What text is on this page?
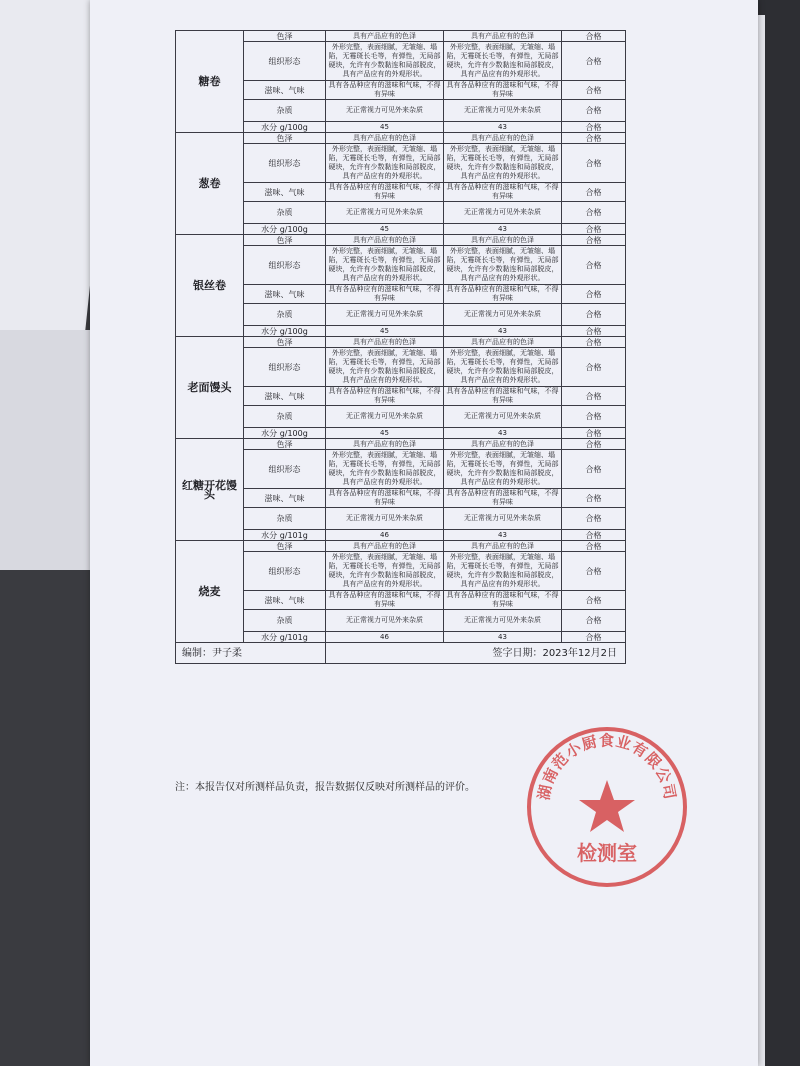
糖卷	色泽	具有产品应有的色泽	具有产品应有的色泽	合格
	组织形态	外形完整，表面细腻，无皱缩、塌陷，无霉斑长毛等，有弹性，无局部硬块，允许有少数黏连和局部脱皮，具有产品应有的外观形状。	外形完整，表面细腻，无皱缩、塌陷，无霉斑长毛等，有弹性，无局部硬块，允许有少数黏连和局部脱皮，具有产品应有的外观形状。	合格
	滋味、气味	具有各品种应有的滋味和气味，不得有异味	具有各品种应有的滋味和气味，不得有异味	合格
	杂质	无正常视力可见外来杂质	无正常视力可见外来杂质	合格
	水分 g/100g	45	43	合格
葱卷	色泽	具有产品应有的色泽	具有产品应有的色泽	合格
	组织形态	外形完整，表面细腻，无皱缩、塌陷，无霉斑长毛等，有弹性，无局部硬块，允许有少数黏连和局部脱皮，具有产品应有的外观形状。	外形完整，表面细腻，无皱缩、塌陷，无霉斑长毛等，有弹性，无局部硬块，允许有少数黏连和局部脱皮，具有产品应有的外观形状。	合格
	滋味、气味	具有各品种应有的滋味和气味，不得有异味	具有各品种应有的滋味和气味，不得有异味	合格
	杂质	无正常视力可见外来杂质	无正常视力可见外来杂质	合格
	水分 g/100g	45	43	合格
银丝卷	色泽	具有产品应有的色泽	具有产品应有的色泽	合格
	组织形态	外形完整，表面细腻，无皱缩、塌陷，无霉斑长毛等，有弹性，无局部硬块，允许有少数黏连和局部脱皮，具有产品应有的外观形状。	外形完整，表面细腻，无皱缩、塌陷，无霉斑长毛等，有弹性，无局部硬块，允许有少数黏连和局部脱皮，具有产品应有的外观形状。	合格
	滋味、气味	具有各品种应有的滋味和气味，不得有异味	具有各品种应有的滋味和气味，不得有异味	合格
	杂质	无正常视力可见外来杂质	无正常视力可见外来杂质	合格
	水分 g/100g	45	43	合格
老面馒头	色泽	具有产品应有的色泽	具有产品应有的色泽	合格
	组织形态	外形完整，表面细腻，无皱缩、塌陷，无霉斑长毛等，有弹性，无局部硬块，允许有少数黏连和局部脱皮，具有产品应有的外观形状。	外形完整，表面细腻，无皱缩、塌陷，无霉斑长毛等，有弹性，无局部硬块，允许有少数黏连和局部脱皮，具有产品应有的外观形状。	合格
	滋味、气味	具有各品种应有的滋味和气味，不得有异味	具有各品种应有的滋味和气味，不得有异味	合格
	杂质	无正常视力可见外来杂质	无正常视力可见外来杂质	合格
	水分 g/100g	45	43	合格
红糖开花馒头	色泽	具有产品应有的色泽	具有产品应有的色泽	合格
	组织形态	外形完整，表面细腻，无皱缩、塌陷，无霉斑长毛等，有弹性，无局部硬块，允许有少数黏连和局部脱皮，具有产品应有的外观形状。	外形完整，表面细腻，无皱缩、塌陷，无霉斑长毛等，有弹性，无局部硬块，允许有少数黏连和局部脱皮，具有产品应有的外观形状。	合格
	滋味、气味	具有各品种应有的滋味和气味，不得有异味	具有各品种应有的滋味和气味，不得有异味	合格
	杂质	无正常视力可见外来杂质	无正常视力可见外来杂质	合格
	水分 g/101g	46	43	合格
烧麦	色泽	具有产品应有的色泽	具有产品应有的色泽	合格
	组织形态	外形完整，表面细腻，无皱缩、塌陷，无霉斑长毛等，有弹性，无局部硬块，允许有少数黏连和局部脱皮，具有产品应有的外观形状。	外形完整，表面细腻，无皱缩、塌陷，无霉斑长毛等，有弹性，无局部硬块，允许有少数黏连和局部脱皮，具有产品应有的外观形状。	合格
	滋味、气味	具有各品种应有的滋味和气味，不得有异味	具有各品种应有的滋味和气味，不得有异味	合格
	杂质	无正常视力可见外来杂质	无正常视力可见外来杂质	合格
	水分 g/101g	46	43	合格
编制：尹子柔		签字日期：2023年12月2日		
注：本报告仅对所测样品负责，报告数据仅反映对所测样品的评价。	湖南范小厨食业有限公司
检测室
